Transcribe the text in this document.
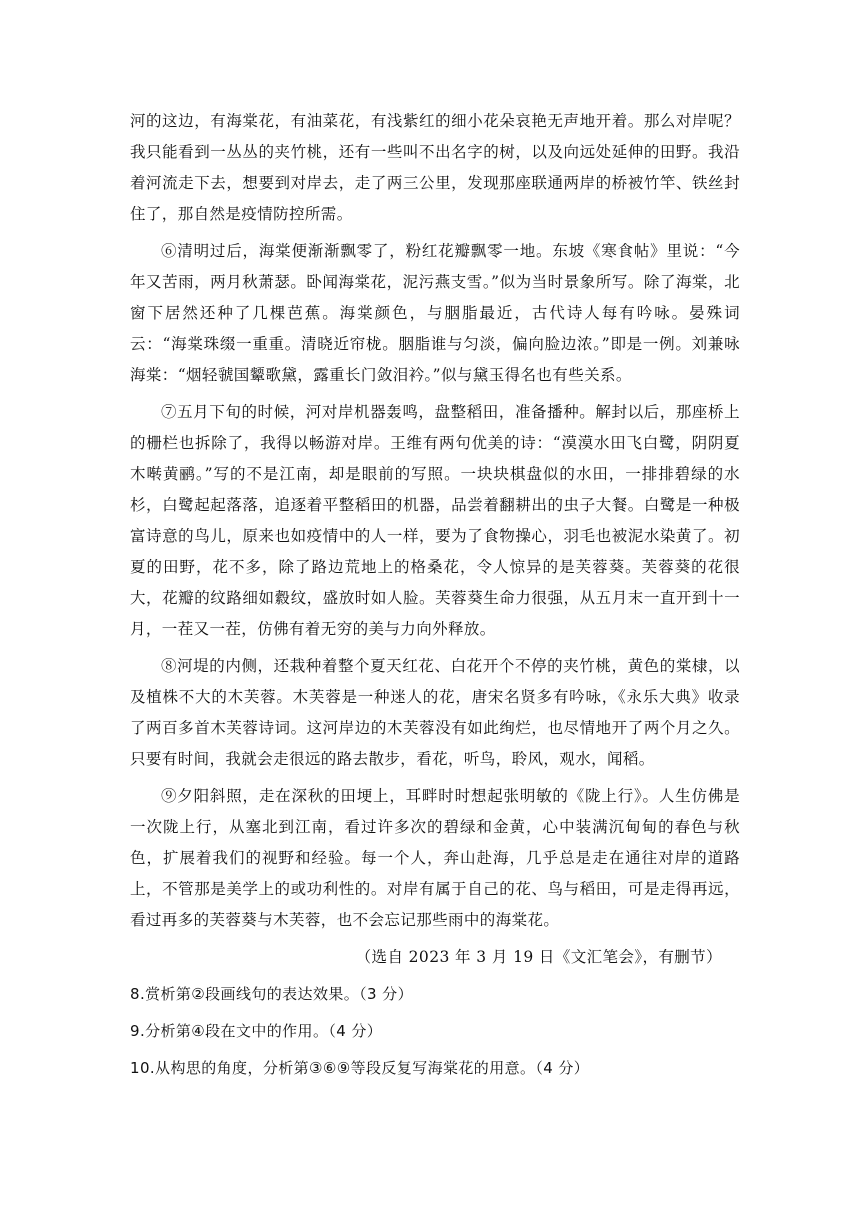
河的这边，有海棠花，有油菜花，有浅紫红的细小花朵哀艳无声地开着。那么对岸呢？我只能看到一丛丛的夹竹桃，还有一些叫不出名字的树，以及向远处延伸的田野。我沿着河流走下去，想要到对岸去，走了两三公里，发现那座联通两岸的桥被竹竿、铁丝封住了，那自然是疫情防控所需。

⑥清明过后，海棠便渐渐飘零了，粉红花瓣飘零一地。东坡《寒食帖》里说：“今年又苦雨，两月秋萧瑟。卧闻海棠花，泥污燕支雪。”似为当时景象所写。除了海棠，北窗下居然还种了几棵芭蕉。海棠颜色，与胭脂最近，古代诗人每有吟咏。晏殊词云：“海棠珠缀一重重。清晓近帘栊。胭脂谁与匀淡，偏向脸边浓。”即是一例。刘兼咏海棠：“烟轻虢国颦歌黛，露重长门敛泪衿。”似与黛玉得名也有些关系。

⑦五月下旬的时候，河对岸机器轰鸣，盘整稻田，准备播种。解封以后，那座桥上的栅栏也拆除了，我得以畅游对岸。王维有两句优美的诗：“漠漠水田飞白鹭，阴阴夏木啭黄鹂。”写的不是江南，却是眼前的写照。一块块棋盘似的水田，一排排碧绿的水杉，白鹭起起落落，追逐着平整稻田的机器，品尝着翻耕出的虫子大餐。白鹭是一种极富诗意的鸟儿，原来也如疫情中的人一样，要为了食物操心，羽毛也被泥水染黄了。初夏的田野，花不多，除了路边荒地上的格桑花，令人惊异的是芙蓉葵。芙蓉葵的花很大，花瓣的纹路细如縠纹，盛放时如人脸。芙蓉葵生命力很强，从五月末一直开到十一月，一茬又一茬，仿佛有着无穷的美与力向外释放。

⑧河堤的内侧，还栽种着整个夏天红花、白花开个不停的夹竹桃，黄色的棠棣，以及植株不大的木芙蓉。木芙蓉是一种迷人的花，唐宋名贤多有吟咏，《永乐大典》收录了两百多首木芙蓉诗词。这河岸边的木芙蓉没有如此绚烂，也尽情地开了两个月之久。只要有时间，我就会走很远的路去散步，看花，听鸟，聆风，观水，闻稻。

⑨夕阳斜照，走在深秋的田埂上，耳畔时时想起张明敏的《陇上行》。人生仿佛是一次陇上行，从塞北到江南，看过许多次的碧绿和金黄，心中装满沉甸甸的春色与秋色，扩展着我们的视野和经验。每一个人，奔山赴海，几乎总是走在通往对岸的道路上，不管那是美学上的或功利性的。对岸有属于自己的花、鸟与稻田，可是走得再远，看过再多的芙蓉葵与木芙蓉，也不会忘记那些雨中的海棠花。

（选自 2023 年 3 月 19 日《文汇笔会》，有删节）

8.赏析第②段画线句的表达效果。（3 分）

9.分析第④段在文中的作用。（4 分）

10.从构思的角度，分析第③⑥⑨等段反复写海棠花的用意。（4 分）
